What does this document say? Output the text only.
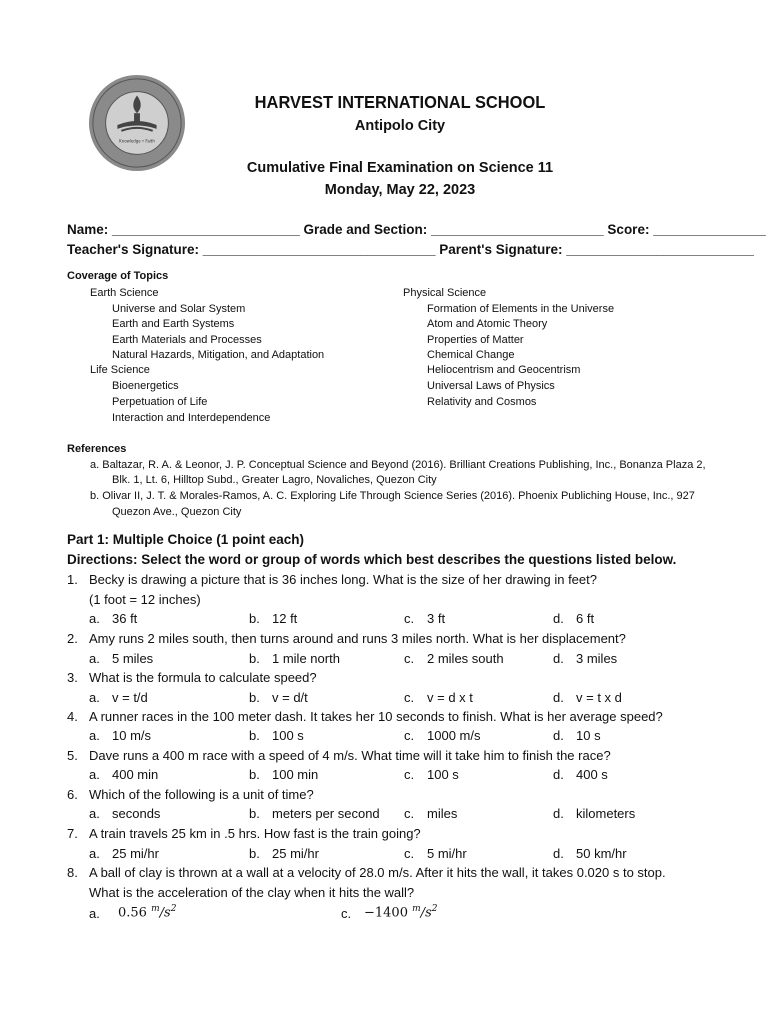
Knowledge • Faith
HARVEST INTERNATIONAL SCHOOL
Antipolo City
Cumulative Final Examination on Science 11
Monday, May 22, 2023
Name: _________________________ Grade and Section: _______________________ Score: _______________
Teacher's Signature: _______________________________ Parent's Signature: _________________________
Coverage of Topics
Earth Science
Universe and Solar System
Earth and Earth Systems
Earth Materials and Processes
Natural Hazards, Mitigation, and Adaptation
Life Science
Bioenergetics
Perpetuation of Life
Interaction and Interdependence
Physical Science
Formation of Elements in the Universe
Atom and Atomic Theory
Properties of Matter
Chemical Change
Heliocentrism and Geocentrism
Universal Laws of Physics
Relativity and Cosmos
References
a. Baltazar, R. A. & Leonor, J. P. Conceptual Science and Beyond (2016). Brilliant Creations Publishing, Inc., Bonanza Plaza 2,
Blk. 1, Lt. 6, Hilltop Subd., Greater Lagro, Novaliches, Quezon City
b. Olivar II, J. T. & Morales-Ramos, A. C. Exploring Life Through Science Series (2016). Phoenix Publiching House, Inc., 927
Quezon Ave., Quezon City
Part 1: Multiple Choice (1 point each)
Directions: Select the word or group of words which best describes the questions listed below.
1. Becky is drawing a picture that is 36 inches long. What is the size of her drawing in feet?
(1 foot = 12 inches)
a. 36 ft	b. 12 ft	c. 3 ft	d. 6 ft
2. Amy runs 2 miles south, then turns around and runs 3 miles north. What is her displacement?
a. 5 miles	b. 1 mile north	c. 2 miles south	d. 3 miles
3. What is the formula to calculate speed?
a. v = t/d	b. v = d/t	c. v = d x t	d. v = t x d
4. A runner races in the 100 meter dash. It takes her 10 seconds to finish. What is her average speed?
a. 10 m/s	b. 100 s	c. 1000 m/s	d. 10 s
5. Dave runs a 400 m race with a speed of 4 m/s. What time will it take him to finish the race?
a. 400 min	b. 100 min	c. 100 s	d. 400 s
6. Which of the following is a unit of time?
a. seconds	b. meters per second c. miles	d. kilometers
7. A train travels 25 km in .5 hrs. How fast is the train going?
a. 25 mi/hr	b. 25 mi/hr	c. 5 mi/hr	d. 50 km/hr
8. A ball of clay is thrown at a wall at a velocity of 28.0 m/s. After it hits the wall, it takes 0.020 s to stop.
What is the acceleration of the clay when it hits the wall?
a. 0.56 $^m/s^2$	c. −1400 $^m/s^2$
